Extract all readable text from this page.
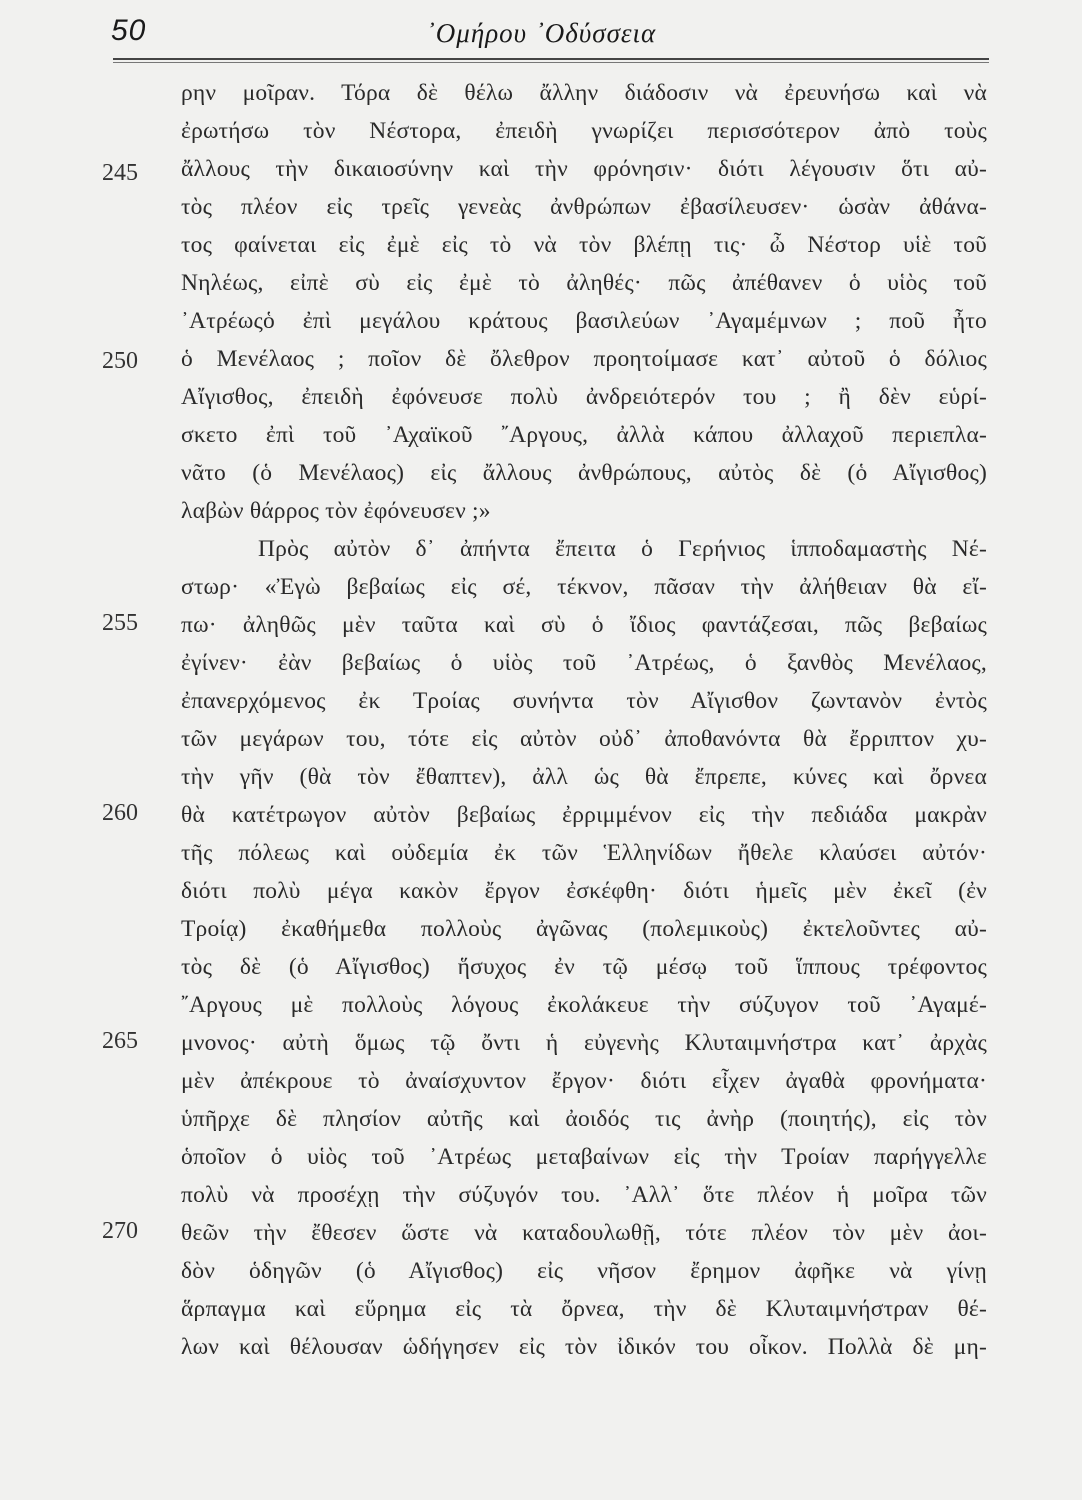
50	᾽Ομήρου ᾽Οδύσσεια
ρην μοῖραν. Τόρα δὲ θέλω ἄλλην διάδοσιν νὰ ἐρευνήσω καὶ νὰ
ἐρωτήσω τὸν Νέστορα, ἐπειδὴ γνωρίζει περισσότερον ἀπὸ τοὺς
ἄλλους τὴν δικαιοσύνην καὶ τὴν φρόνησιν· διότι λέγουσιν ὅτι αὐ-
τὸς πλέον εἰς τρεῖς γενεὰς ἀνθρώπων ἐβασίλευσεν· ὡσὰν ἀθάνα-
τος φαίνεται εἰς ἐμὲ εἰς τὸ νὰ τὸν βλέπῃ τις· ὦ Νέστορ υἱὲ τοῦ
Νηλέως, εἰπὲ σὺ εἰς ἐμὲ τὸ ἀληθές· πῶς ἀπέθανεν ὁ υἱὸς τοῦ
᾽Ατρέωςὁ ἐπὶ μεγάλου κράτους βασιλεύων ᾽Αγαμέμνων ; ποῦ ἦτο
ὁ Μενέλαος ; ποῖον δὲ ὄλεθρον προητοίμασε κατ᾽ αὐτοῦ ὁ δόλιος
Αἴγισθος, ἐπειδὴ ἐφόνευσε πολὺ ἀνδρειότερόν του ; ἢ δὲν εὑρί-
σκετο ἐπὶ τοῦ ᾽Αχαϊκοῦ ῎Αργους, ἀλλὰ κάπου ἀλλαχοῦ περιεπλα-
νᾶτο (ὁ Μενέλαος) εἰς ἄλλους ἀνθρώπους, αὐτὸς δὲ (ὁ Αἴγισθος)
λαβὼν θάρρος τὸν ἐφόνευσεν ;»
Πρὸς αὐτὸν δ᾽ ἀπήντα ἔπειτα ὁ Γερήνιος ἱπποδαμαστὴς Νέ-
στωρ· «Ἐγὼ βεβαίως εἰς σέ, τέκνον, πᾶσαν τὴν ἀλήθειαν θὰ εἴ-
πω· ἀληθῶς μὲν ταῦτα καὶ σὺ ὁ ἴδιος φαντάζεσαι, πῶς βεβαίως
ἐγίνεν· ἐὰν βεβαίως ὁ υἱὸς τοῦ ᾽Ατρέως, ὁ ξανθὸς Μενέλαος,
ἐπανερχόμενος ἐκ Τροίας συνήντα τὸν Αἴγισθον ζωντανὸν ἐντὸς
τῶν μεγάρων του, τότε εἰς αὐτὸν οὐδ᾽ ἀποθανόντα θὰ ἔρριπτον χυ-
τὴν γῆν (θὰ τὸν ἔθαπτεν), ἀλλ ὡς θὰ ἔπρεπε, κύνες καὶ ὄρνεα
θὰ κατέτρωγον αὐτὸν βεβαίως ἐρριμμένον εἰς τὴν πεδιάδα μακρὰν
τῆς πόλεως καὶ οὐδεμία ἐκ τῶν Ἑλληνίδων ἤθελε κλαύσει αὐτόν·
διότι πολὺ μέγα κακὸν ἔργον ἐσκέφθη· διότι ἡμεῖς μὲν ἐκεῖ (ἐν
Τροίᾳ) ἐκαθήμεθα πολλοὺς ἀγῶνας (πολεμικοὺς) ἐκτελοῦντες αὐ-
τὸς δὲ (ὁ Αἴγισθος) ἥσυχος ἐν τῷ μέσῳ τοῦ ἵππους τρέφοντος
῎Αργους μὲ πολλοὺς λόγους ἐκολάκευε τὴν σύζυγον τοῦ ᾽Αγαμέ-
μνονος· αὐτὴ ὅμως τῷ ὄντι ἡ εὐγενὴς Κλυταιμνήστρα κατ᾽ ἀρχὰς
μὲν ἀπέκρουε τὸ ἀναίσχυντον ἔργον· διότι εἶχεν ἀγαθὰ φρονήματα·
ὑπῆρχε δὲ πλησίον αὐτῆς καὶ ἀοιδός τις ἀνὴρ (ποιητής), εἰς τὸν
ὁποῖον ὁ υἱὸς τοῦ ᾽Ατρέως μεταβαίνων εἰς τὴν Τροίαν παρήγγελλε
πολὺ νὰ προσέχῃ τὴν σύζυγόν του. ᾽Αλλ᾽ ὅτε πλέον ἡ μοῖρα τῶν
θεῶν τὴν ἔθεσεν ὥστε νὰ καταδουλωθῇ, τότε πλέον τὸν μὲν ἀοι-
δὸν ὁδηγῶν (ὁ Αἴγισθος) εἰς νῆσον ἔρημον ἀφῆκε νὰ γίνῃ
ἅρπαγμα καὶ εὕρημα εἰς τὰ ὄρνεα, τὴν δὲ Κλυταιμνήστραν θέ-
λων καὶ θέλουσαν ὡδήγησεν εἰς τὸν ἰδικόν του οἶκον. Πολλὰ δὲ μη-
245
250
255
260
265
270
